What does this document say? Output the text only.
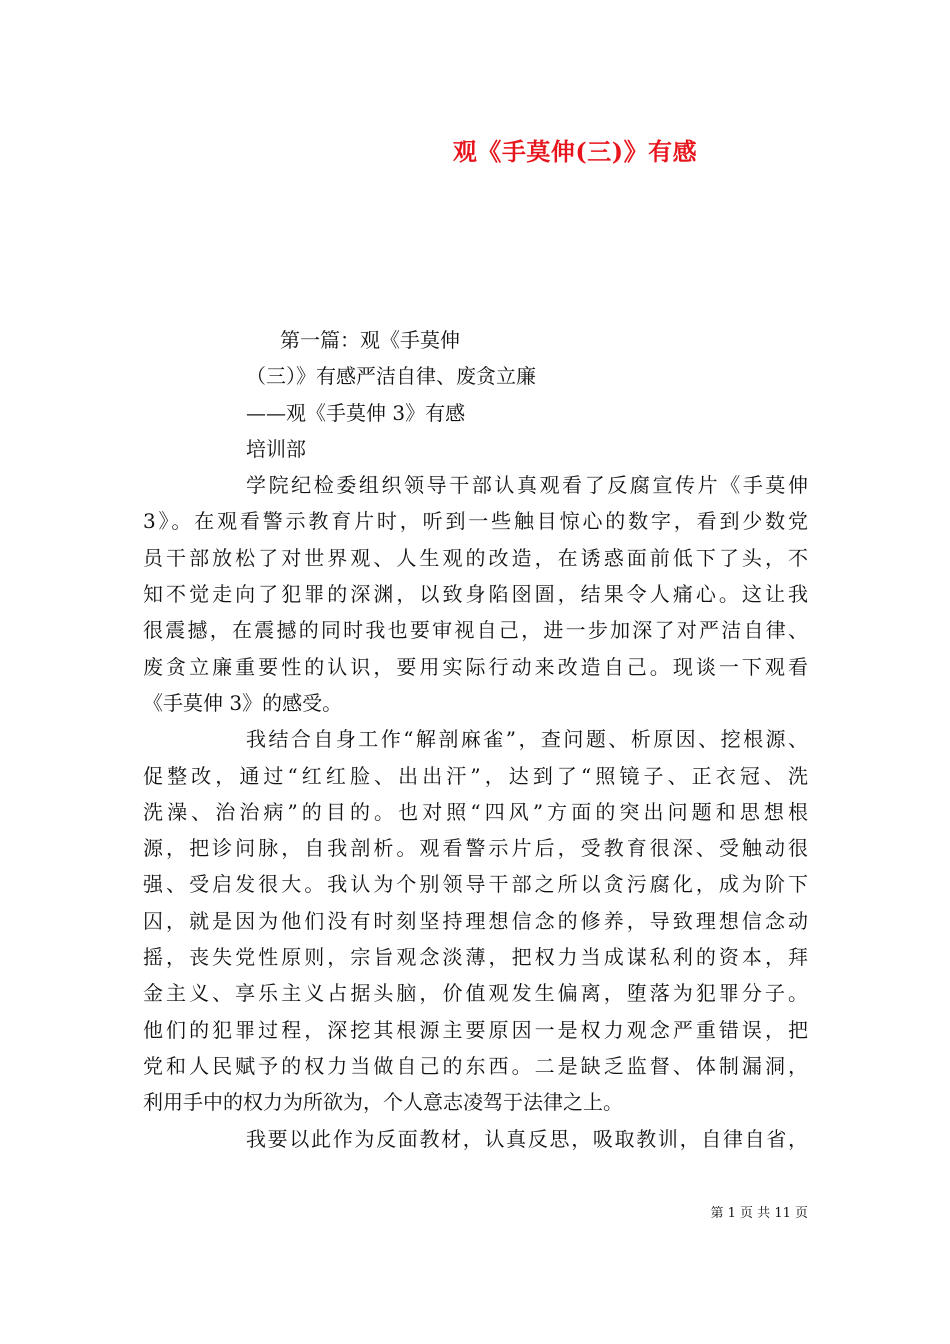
观《手莫伸(三)》有感
第一篇：观《手莫伸
（三）》有感严洁自律、废贪立廉
——观《手莫伸 3》有感
培训部
学院纪检委组织领导干部认真观看了反腐宣传片《手莫伸
3》。在观看警示教育片时，听到一些触目惊心的数字，看到少数党
员干部放松了对世界观、人生观的改造，在诱惑面前低下了头，不
知不觉走向了犯罪的深渊，以致身陷囹圄，结果令人痛心。这让我
很震撼，在震撼的同时我也要审视自己，进一步加深了对严洁自律、
废贪立廉重要性的认识，要用实际行动来改造自己。现谈一下观看
《手莫伸 3》的感受。
我结合自身工作“解剖麻雀”，查问题、析原因、挖根源、
促整改，通过“红红脸、出出汗”，达到了“照镜子、正衣冠、洗
洗澡、治治病”的目的。也对照“四风”方面的突出问题和思想根
源，把诊问脉，自我剖析。观看警示片后，受教育很深、受触动很
强、受启发很大。我认为个别领导干部之所以贪污腐化，成为阶下
囚，就是因为他们没有时刻坚持理想信念的修养，导致理想信念动
摇，丧失党性原则，宗旨观念淡薄，把权力当成谋私利的资本，拜
金主义、享乐主义占据头脑，价值观发生偏离，堕落为犯罪分子。
他们的犯罪过程，深挖其根源主要原因一是权力观念严重错误，把
党和人民赋予的权力当做自己的东西。二是缺乏监督、体制漏洞，
利用手中的权力为所欲为，个人意志凌驾于法律之上。
我要以此作为反面教材，认真反思，吸取教训，自律自省，
第 1 页 共 11 页
